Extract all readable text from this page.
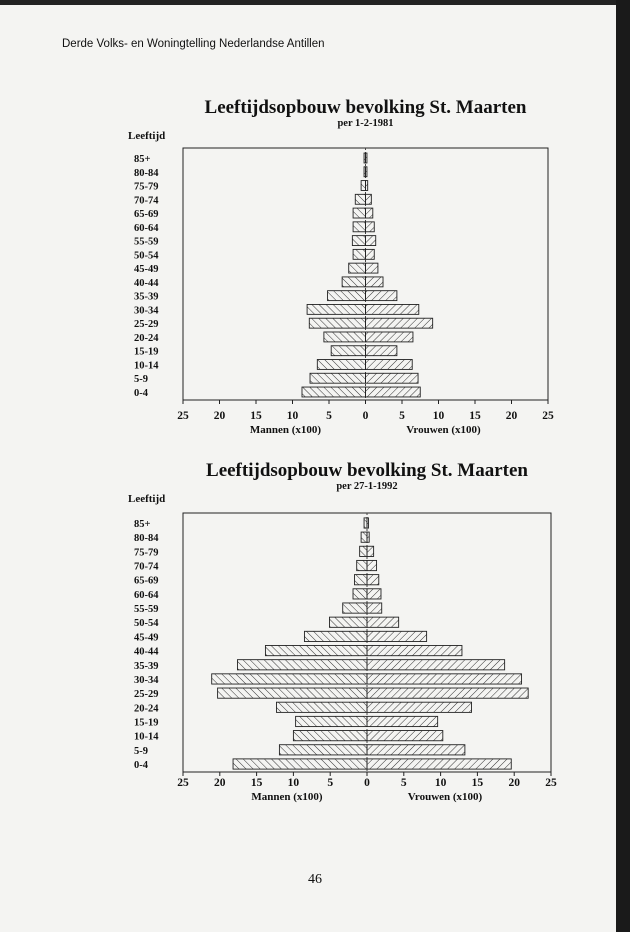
Derde Volks- en Woningtelling Nederlandse Antillen
Leeftijdsopbouw bevolking St. Maarten
per 1-2-1981
Leeftijd
85+
80-84
75-79
70-74
65-69
60-64
55-59
50-54
45-49
40-44
35-39
30-34
25-29
20-24
15-19
10-14
5-9
0-4
25 20 15 10 5	0	5 10 15 20 25
Mannen (x100)	Vrouwen (x100)
Leeftijdsopbouw bevolking St. Maarten
per 27-1-1992
Leeftijd
85+
80-84
75-79
70-74
65-69
60-64
55-59
50-54
45-49
40-44
35-39
30-34
25-29
20-24
15-19
10-14
5-9
0-4
25 20 15 10 5	0	5 10 15 20 25
Mannen (x100)	Vrouwen (x100)
46
